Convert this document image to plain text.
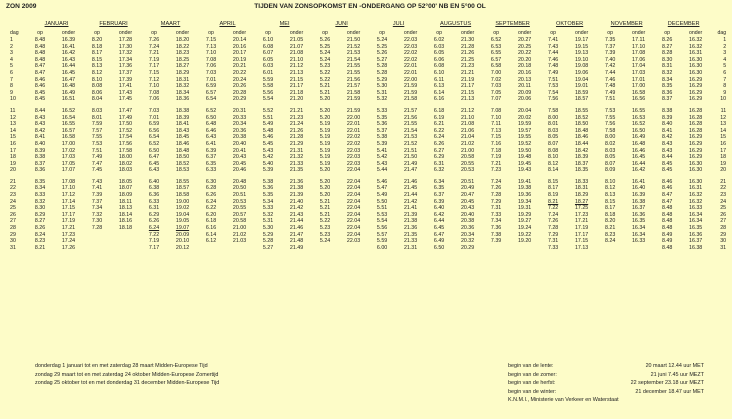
ZON 2009	TIJDEN VAN ZONSOPKOMST EN -ONDERGANG OP 52°00' NB EN 5°00 OL
	JANUARI		FEBRUARI		MAART		APRIL		MEI		JUNI		JULI		AUGUSTUS		SEPTEMBER		OKTOBER		NOVEMBER		DECEMBER		
dag	op	onder	op	onder	op	onder	op	onder	op	onder	op	onder	op	onder	op	onder	op	onder	op	onder	op	onder	op	onder	dag
1	8.48	16.39	8.20	17.28	7.26	18.20	7.15	20.14	6.10	21.05	5.26	21.50	5.24	22.03	6.02	21.30	6.52	20.27	7.41	19.17	7.35	17.11	8.26	16.32	1
2	8.48	16.41	8.18	17.30	7.24	18.22	7.13	20.16	6.08	21.07	5.25	21.52	5.25	22.03	6.03	21.28	6.53	20.25	7.43	19.15	7.37	17.10	8.27	16.32	2
3	8.48	16.42	8.17	17.32	7.21	18.23	7.10	20.17	6.07	21.08	5.24	21.53	5.26	22.02	6.05	21.26	6.55	20.22	7.44	19.13	7.39	17.08	8.28	16.31	3
4	8.48	16.43	8.15	17.34	7.19	18.25	7.08	20.19	6.05	21.10	5.24	21.54	5.27	22.02	6.06	21.25	6.57	20.20	7.46	19.10	7.40	17.06	8.30	16.30	4
5	8.47	16.44	8.13	17.36	7.17	18.27	7.06	20.21	6.03	21.12	5.23	21.55	5.28	22.01	6.08	21.23	6.58	20.18	7.48	19.08	7.42	17.04	8.31	16.30	5
6	8.47	16.45	8.12	17.37	7.15	18.29	7.03	20.22	6.01	21.13	5.22	21.55	5.28	22.01	6.10	21.21	7.00	20.16	7.49	19.06	7.44	17.03	8.32	16.30	6
7	8.46	16.47	8.10	17.39	7.12	18.31	7.01	20.24	5.59	21.15	5.22	21.56	5.29	22.00	6.11	21.19	7.02	20.13	7.51	19.04	7.46	17.01	8.34	16.29	7
8	8.46	16.48	8.08	17.41	7.10	18.32	6.59	20.26	5.58	21.17	5.21	21.57	5.30	21.59	6.13	21.17	7.03	20.11	7.53	19.01	7.48	17.00	8.35	16.29	8
9	8.45	16.49	8.06	17.43	7.08	18.34	6.57	20.28	5.56	21.18	5.21	21.58	5.31	21.59	6.14	21.15	7.05	20.09	7.54	18.59	7.49	16.58	8.36	16.29	9
10	8.45	16.51	8.04	17.45	7.06	18.36	6.54	20.29	5.54	21.20	5.20	21.59	5.32	21.58	6.16	21.13	7.07	20.06	7.56	18.57	7.51	16.56	8.37	16.29	10

11	8.44	16.52	8.03	17.47	7.03	18.38	6.52	20.31	5.52	21.21	5.20	21.59	5.33	21.57	6.18	21.12	7.08	20.04	7.58	18.55	7.53	16.55	8.38	16.28	11
12	8.43	16.54	8.01	17.49	7.01	18.39	6.50	20.33	5.51	21.23	5.20	22.00	5.35	21.56	6.19	21.10	7.10	20.02	8.00	18.52	7.55	16.53	8.39	16.28	12
13	8.43	16.55	7.59	17.50	6.59	18.41	6.48	20.34	5.49	21.24	5.19	22.01	5.36	21.55	6.21	21.08	7.11	19.59	8.01	18.50	7.56	16.52	8.40	16.28	13
14	8.42	16.57	7.57	17.52	6.56	18.43	6.46	20.36	5.48	21.26	5.19	22.01	5.37	21.54	6.22	21.06	7.13	19.57	8.03	18.48	7.58	16.50	8.41	16.28	14
15	8.41	16.58	7.55	17.54	6.54	18.45	6.43	20.38	5.46	21.28	5.19	22.02	5.38	21.53	6.24	21.04	7.15	19.55	8.05	18.46	8.00	16.49	8.42	16.29	15
16	8.40	17.00	7.53	17.56	6.52	18.46	6.41	20.40	5.45	21.29	5.19	22.02	5.39	21.52	6.26	21.02	7.16	19.52	8.07	18.44	8.02	16.48	8.43	16.29	16
17	8.39	17.02	7.51	17.58	6.50	18.48	6.39	20.41	5.43	21.31	5.19	22.03	5.41	21.51	6.27	21.00	7.18	19.50	8.08	18.42	8.03	16.46	8.43	16.29	17
18	8.38	17.03	7.49	18.00	6.47	18.50	6.37	20.43	5.42	21.32	5.19	22.03	5.42	21.50	6.29	20.58	7.19	19.48	8.10	18.39	8.05	16.45	8.44	16.29	18
19	8.37	17.05	7.47	18.02	6.45	18.52	6.35	20.45	5.40	21.33	5.19	22.03	5.43	21.49	6.31	20.55	7.21	19.45	8.12	18.37	8.07	16.44	8.45	16.30	19
20	8.36	17.07	7.45	18.03	6.43	18.53	6.33	20.46	5.39	21.35	5.20	22.04	5.44	21.47	6.32	20.53	7.23	19.43	8.14	18.35	8.09	16.42	8.45	16.30	20

21	8.35	17.08	7.43	18.05	6.40	18.55	6.30	20.48	5.38	21.36	5.20	22.04	5.46	21.46	6.34	20.51	7.24	19.41	8.15	18.33	8.10	16.41	8.46	16.30	21
22	8.34	17.10	7.41	18.07	6.38	18.57	6.28	20.50	5.36	21.38	5.20	22.04	5.47	21.45	6.35	20.49	7.26	19.38	8.17	18.31	8.12	16.40	8.46	16.31	22
23	8.33	17.12	7.39	18.09	6.36	18.58	6.26	20.51	5.35	21.39	5.20	22.04	5.49	21.44	6.37	20.47	7.28	19.36	8.19	18.29	8.13	16.39	8.47	16.32	23
24	8.32	17.14	7.37	18.11	6.33	19.00	6.24	20.53	5.34	21.40	5.21	22.04	5.50	21.42	6.39	20.45	7.29	19.34	8.21	18.27	8.15	16.38	8.47	16.32	24
25	8.30	17.15	7.34	18.13	6.31	19.02	6.22	20.55	5.33	21.42	5.21	22.04	5.51	21.41	6.40	20.43	7.31	19.31	7.22	17.25	8.17	16.37	8.48	16.33	25
26	8.29	17.17	7.32	18.14	6.29	19.04	6.20	20.57	5.32	21.43	5.21	22.04	5.53	21.39	6.42	20.40	7.33	19.29	7.24	17.23	8.18	16.36	8.48	16.34	26
27	8.27	17.19	7.30	18.16	6.26	19.05	6.18	20.58	5.31	21.44	5.22	22.04	5.54	21.38	6.44	20.38	7.34	19.27	7.26	17.21	8.20	16.35	8.48	16.34	27
28	8.26	17.21	7.28	18.18	6.24	19.07	6.16	21.00	5.30	21.46	5.23	22.04	5.56	21.36	6.45	20.36	7.36	19.24	7.28	17.19	8.21	16.34	8.48	16.35	28
29	8.24	17.23			7.22	20.09	6.14	21.02	5.29	21.47	5.23	22.04	5.57	21.35	6.47	20.34	7.38	19.22	7.29	17.17	8.23	16.34	8.49	16.36	29
30	8.23	17.24			7.19	20.10	6.12	21.03	5.28	21.48	5.24	22.03	5.59	21.33	6.49	20.32	7.39	19.20	7.31	17.15	8.24	16.33	8.49	16.37	30
31	8.21	17.26			7.17	20.12			5.27	21.49			6.00	21.31	6.50	20.29			7.33	17.13			8.48	16.38	31
donderdag 1 januari tot en met zaterdag 28 maart Midden-Europese Tijd
zondag 29 maart tot en met zaterdag 24 oktober Midden-Europese Zomertijd
zondag 25 oktober tot en met donderdag 31 december Midden-Europese Tijd
begin van de lente:	20 maart 12.44 uur MET
begin van de zomer:	21 juni 7.45 uur MEZT
begin van de herfst:	22 september 23.18 uur MEZT
begin van de winter:	21 december 18.47 uur MET
K.N.M.I., Ministerie van Verkeer en Waterstaat
